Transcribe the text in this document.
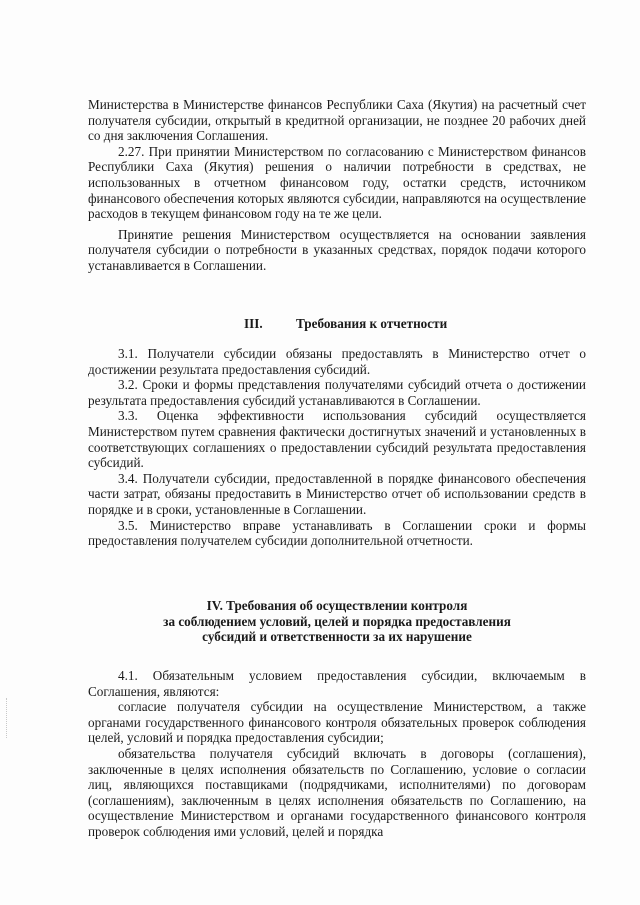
Министерства в Министерстве финансов Республики Саха (Якутия) на расчетный счет получателя субсидии, открытый в кредитной организации, не позднее 20 рабочих дней со дня заключения Соглашения.

2.27. При принятии Министерством по согласованию с Министерством финансов Республики Саха (Якутия) решения о наличии потребности в средствах, не использованных в отчетном финансовом году, остатки средств, источником финансового обеспечения которых являются субсидии, направляются на осуществление расходов в текущем финансовом году на те же цели.

Принятие решения Министерством осуществляется на основании заявления получателя субсидии о потребности в указанных средствах, порядок подачи которого устанавливается в Соглашении.

III.	Требования к отчетности

3.1. Получатели субсидии обязаны предоставлять в Министерство отчет о достижении результата предоставления субсидий.

3.2. Сроки и формы представления получателями субсидий отчета о достижении результата предоставления субсидий устанавливаются в Соглашении.

3.3. Оценка эффективности использования субсидий осуществляется Министерством путем сравнения фактически достигнутых значений и установленных в соответствующих соглашениях о предоставлении субсидий результата предоставления субсидий.

3.4. Получатели субсидии, предоставленной в порядке финансового обеспечения части затрат, обязаны предоставить в Министерство отчет об использовании средств в порядке и в сроки, установленные в Соглашении.

3.5. Министерство вправе устанавливать в Соглашении сроки и формы предоставления получателем субсидии дополнительной отчетности.

IV. Требования об осуществлении контроля

за соблюдением условий, целей и порядка предоставления

субсидий и ответственности за их нарушение

4.1. Обязательным условием предоставления субсидии, включаемым в Соглашения, являются:

согласие получателя субсидии на осуществление Министерством, а также органами государственного финансового контроля обязательных проверок соблюдения целей, условий и порядка предоставления субсидии;

обязательства получателя субсидий включать в договоры (соглашения), заключенные в целях исполнения обязательств по Соглашению, условие о согласии лиц, являющихся поставщиками (подрядчиками, исполнителями) по договорам (соглашениям), заключенным в целях исполнения обязательств по Соглашению, на осуществление Министерством и органами государственного финансового контроля проверок соблюдения ими условий, целей и порядка
